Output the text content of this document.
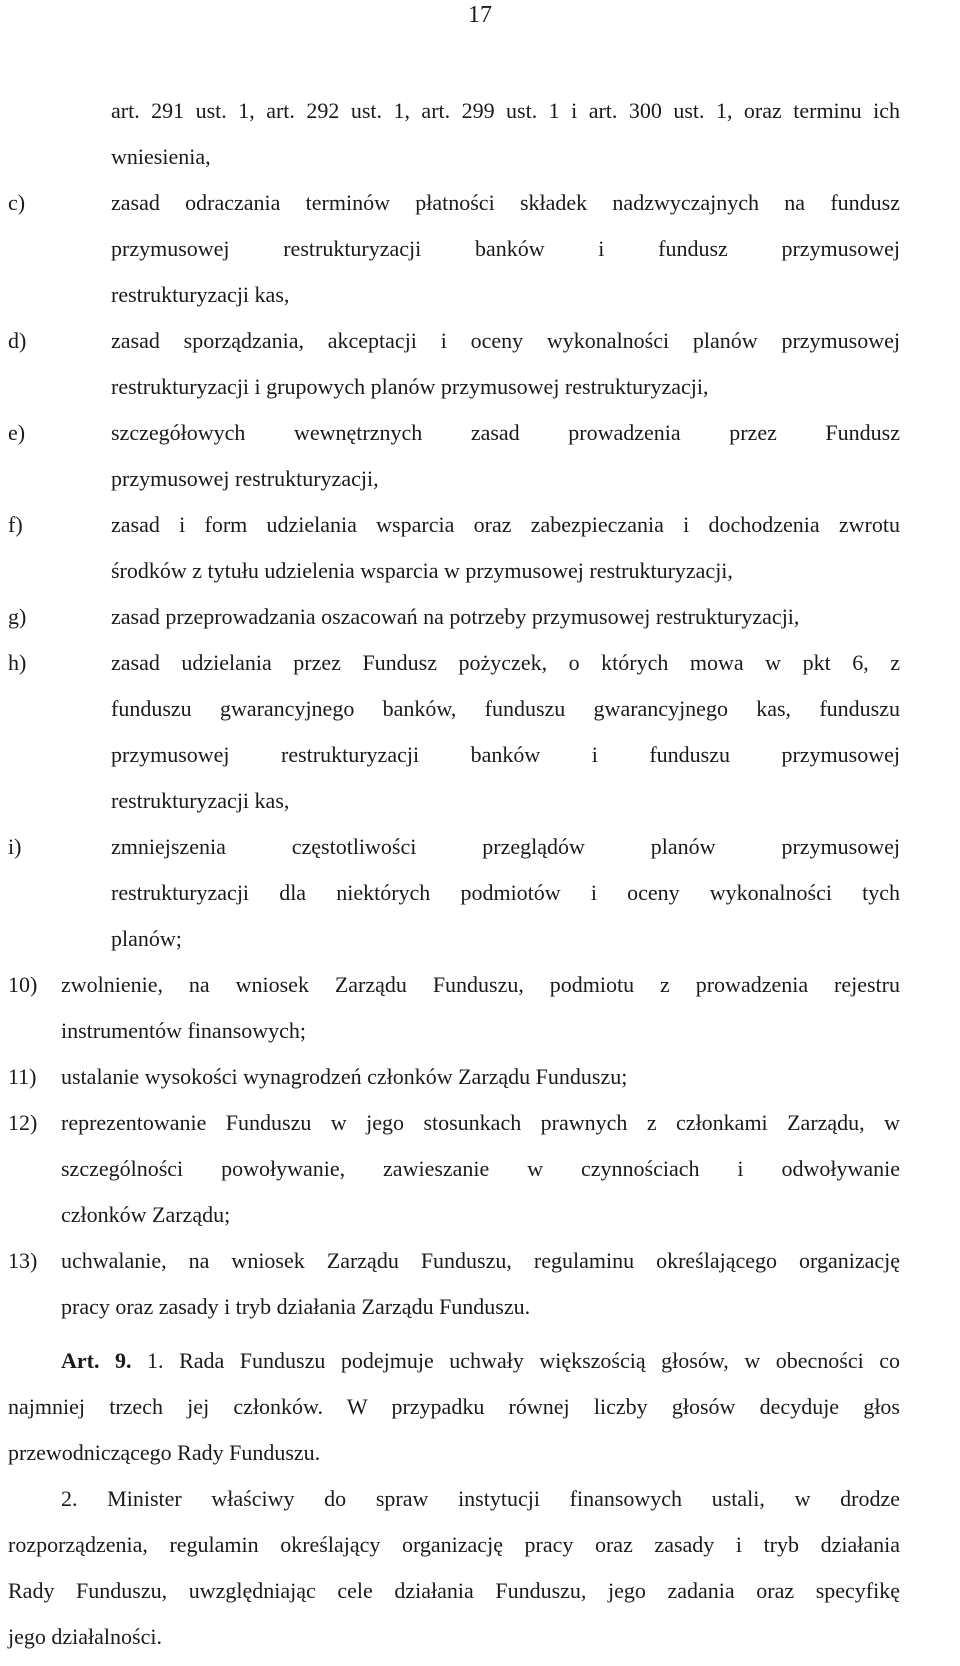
17
art. 291 ust. 1, art. 292 ust. 1, art. 299 ust. 1 i art. 300 ust. 1, oraz terminu ich
wniesienia,
c)	zasad odraczania terminów płatności składek nadzwyczajnych na fundusz
przymusowej restrukturyzacji banków i fundusz przymusowej
restrukturyzacji kas,
d)	zasad sporządzania, akceptacji i oceny wykonalności planów przymusowej
restrukturyzacji i grupowych planów przymusowej restrukturyzacji,
e)	szczegółowych wewnętrznych zasad prowadzenia przez Fundusz
przymusowej restrukturyzacji,
f)	zasad i form udzielania wsparcia oraz zabezpieczania i dochodzenia zwrotu
środków z tytułu udzielenia wsparcia w przymusowej restrukturyzacji,
g)	zasad przeprowadzania oszacowań na potrzeby przymusowej restrukturyzacji,
h)	zasad udzielania przez Fundusz pożyczek, o których mowa w pkt 6, z
funduszu gwarancyjnego banków, funduszu gwarancyjnego kas, funduszu
przymusowej restrukturyzacji banków i funduszu przymusowej
restrukturyzacji kas,
i)	zmniejszenia częstotliwości przeglądów planów przymusowej
restrukturyzacji dla niektórych podmiotów i oceny wykonalności tych
planów;
10) zwolnienie, na wniosek Zarządu Funduszu, podmiotu z prowadzenia rejestru
instrumentów finansowych;
11) ustalanie wysokości wynagrodzeń członków Zarządu Funduszu;
12) reprezentowanie Funduszu w jego stosunkach prawnych z członkami Zarządu, w
szczególności powoływanie, zawieszanie w czynnościach i odwoływanie
członków Zarządu;
13) uchwalanie, na wniosek Zarządu Funduszu, regulaminu określającego organizację
pracy oraz zasady i tryb działania Zarządu Funduszu.
Art. 9. 1. Rada Funduszu podejmuje uchwały większością głosów, w obecności co
najmniej trzech jej członków. W przypadku równej liczby głosów decyduje głos
przewodniczącego Rady Funduszu.
2. Minister właściwy do spraw instytucji finansowych ustali, w drodze
rozporządzenia, regulamin określający organizację pracy oraz zasady i tryb działania
Rady Funduszu, uwzględniając cele działania Funduszu, jego zadania oraz specyfikę
jego działalności.
